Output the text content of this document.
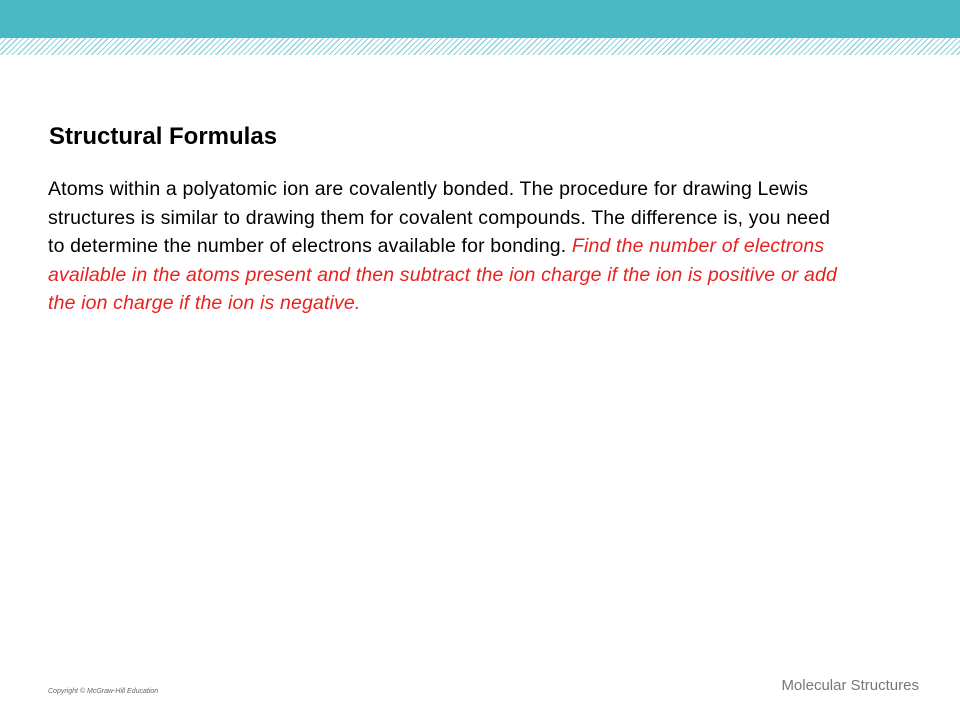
Structural Formulas

Atoms within a polyatomic ion are covalently bonded. The procedure for drawing Lewis structures is similar to drawing them for covalent compounds. The difference is, you need to determine the number of electrons available for bonding. Find the number of electrons available in the atoms present and then subtract the ion charge if the ion is positive or add the ion charge if the ion is negative.

Copyright © McGraw-Hill Education	Molecular Structures
